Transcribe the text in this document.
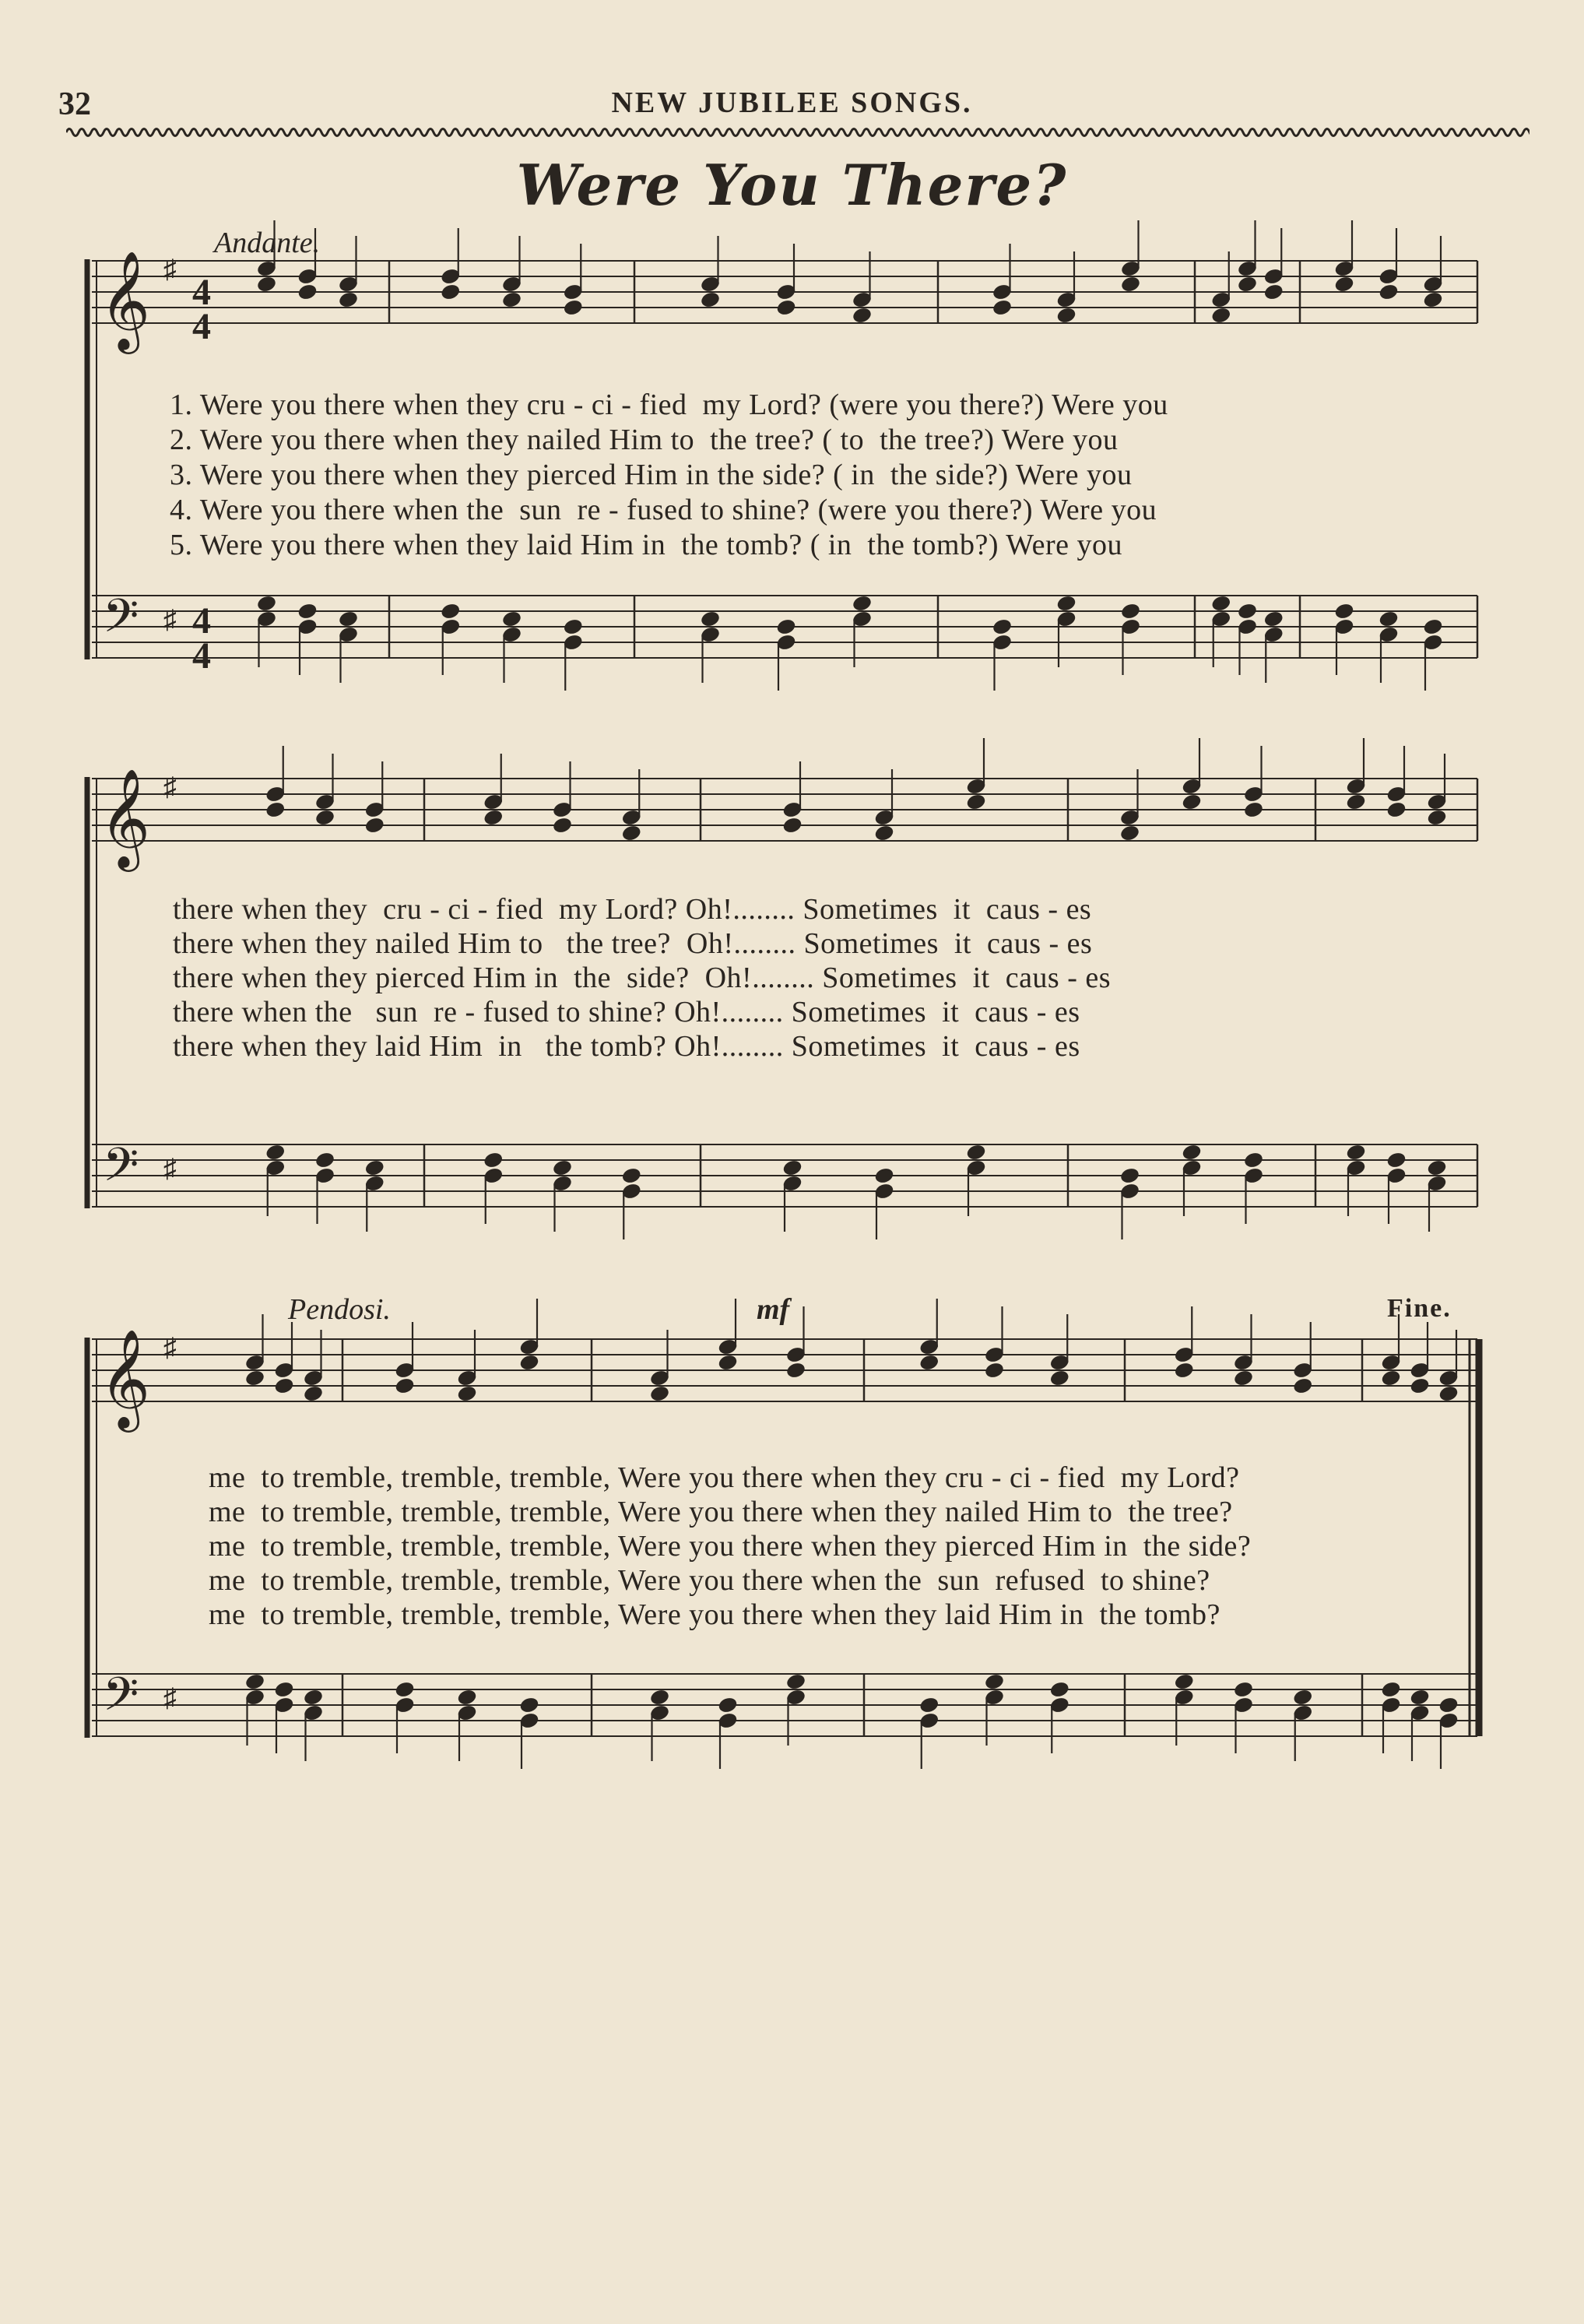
32	NEW JUBILEE SONGS.
Were You There?
𝄞
𝄢
♯
♯
𝄞
𝄢
♯
♯
𝄞
𝄢
♯
♯
Andante.
Pendosi.	mf	Fine.
4
4
4
4
1. Were you there when they cru - ci - fied  my Lord? (were you there?) Were you
2. Were you there when they nailed Him to  the tree? ( to  the tree?) Were you
3. Were you there when they pierced Him in the side? ( in  the side?) Were you
4. Were you there when the  sun  re - fused to shine? (were you there?) Were you
5. Were you there when they laid Him in  the tomb? ( in  the tomb?) Were you
there when they  cru - ci - fied  my Lord? Oh!........ Sometimes  it  caus - es
there when they nailed Him to   the tree?  Oh!........ Sometimes  it  caus - es
there when they pierced Him in  the  side?  Oh!........ Sometimes  it  caus - es
there when the   sun  re - fused to shine? Oh!........ Sometimes  it  caus - es
there when they laid Him  in   the tomb? Oh!........ Sometimes  it  caus - es
me  to tremble, tremble, tremble, Were you there when they cru - ci - fied  my Lord?
me  to tremble, tremble, tremble, Were you there when they nailed Him to  the tree?
me  to tremble, tremble, tremble, Were you there when they pierced Him in  the side?
me  to tremble, tremble, tremble, Were you there when the  sun  refused  to shine?
me  to tremble, tremble, tremble, Were you there when they laid Him in  the tomb?
